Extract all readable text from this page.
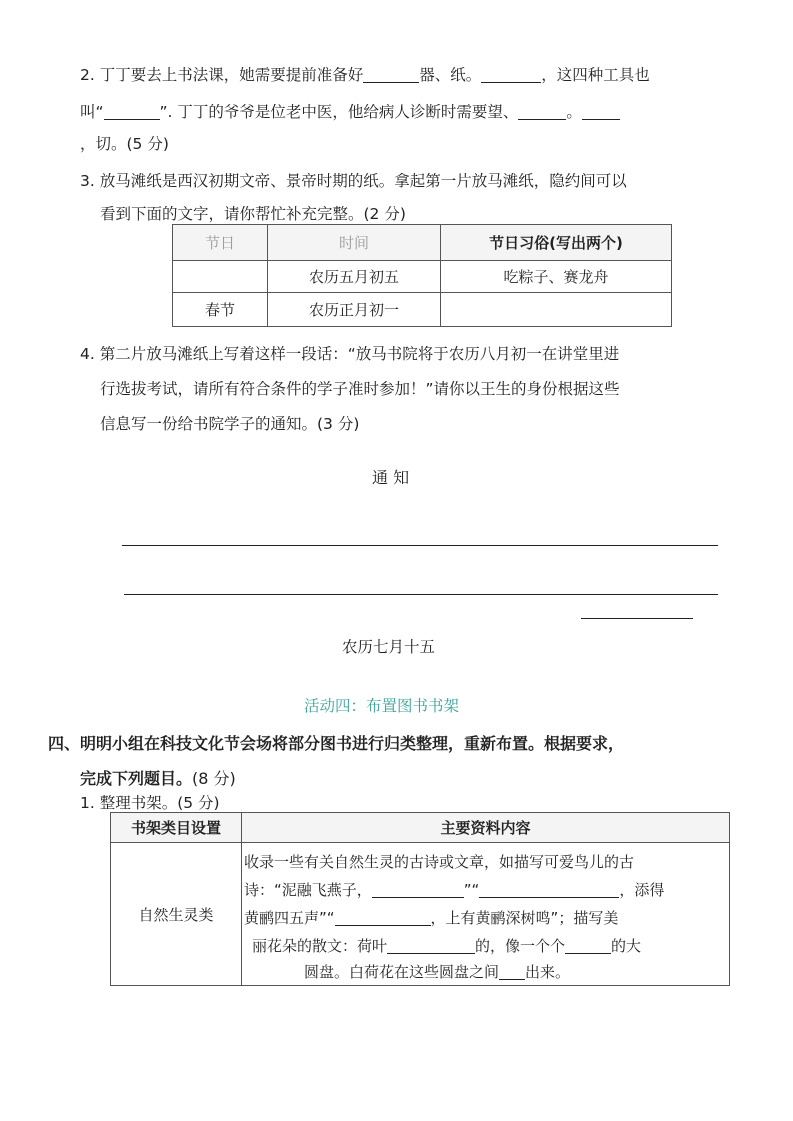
2. 丁丁要去上书法课，她需要提前准备好	器、纸。	，这四种工具也
叫“	”. 丁丁的爷爷是位老中医，他给病人诊断时需要望、	。
，切。(5 分)
3. 放马滩纸是西汉初期文帝、景帝时期的纸。拿起第一片放马滩纸，隐约间可以
看到下面的文字，请你帮忙补充完整。(2 分)
节日	时间	节日习俗(写出两个)
	农历五月初五	吃粽子、赛龙舟
春节	农历正月初一	
4. 第二片放马滩纸上写着这样一段话：“放马书院将于农历八月初一在讲堂里进
行选拔考试，请所有符合条件的学子准时参加！”请你以王生的身份根据这些
信息写一份给书院学子的通知。(3 分)
通 知
农历七月十五
活动四：布置图书书架
四、明明小组在科技文化节会场将部分图书进行归类整理，重新布置。根据要求，
完成下列题目。(8 分)
1. 整理书架。(5 分)
书架类目设置	主要资料内容
自然生灵类	收录一些有关自然生灵的古诗或文章，如描写可爱鸟儿的古
诗：“泥融飞燕子， ”“ ，添得
黄鹂四五声”“ ，上有黄鹂深树鸣”；描写美
丽花朵的散文：荷叶 的，像一个个 的大
圆盘。白荷花在这些圆盘之间 出来。
